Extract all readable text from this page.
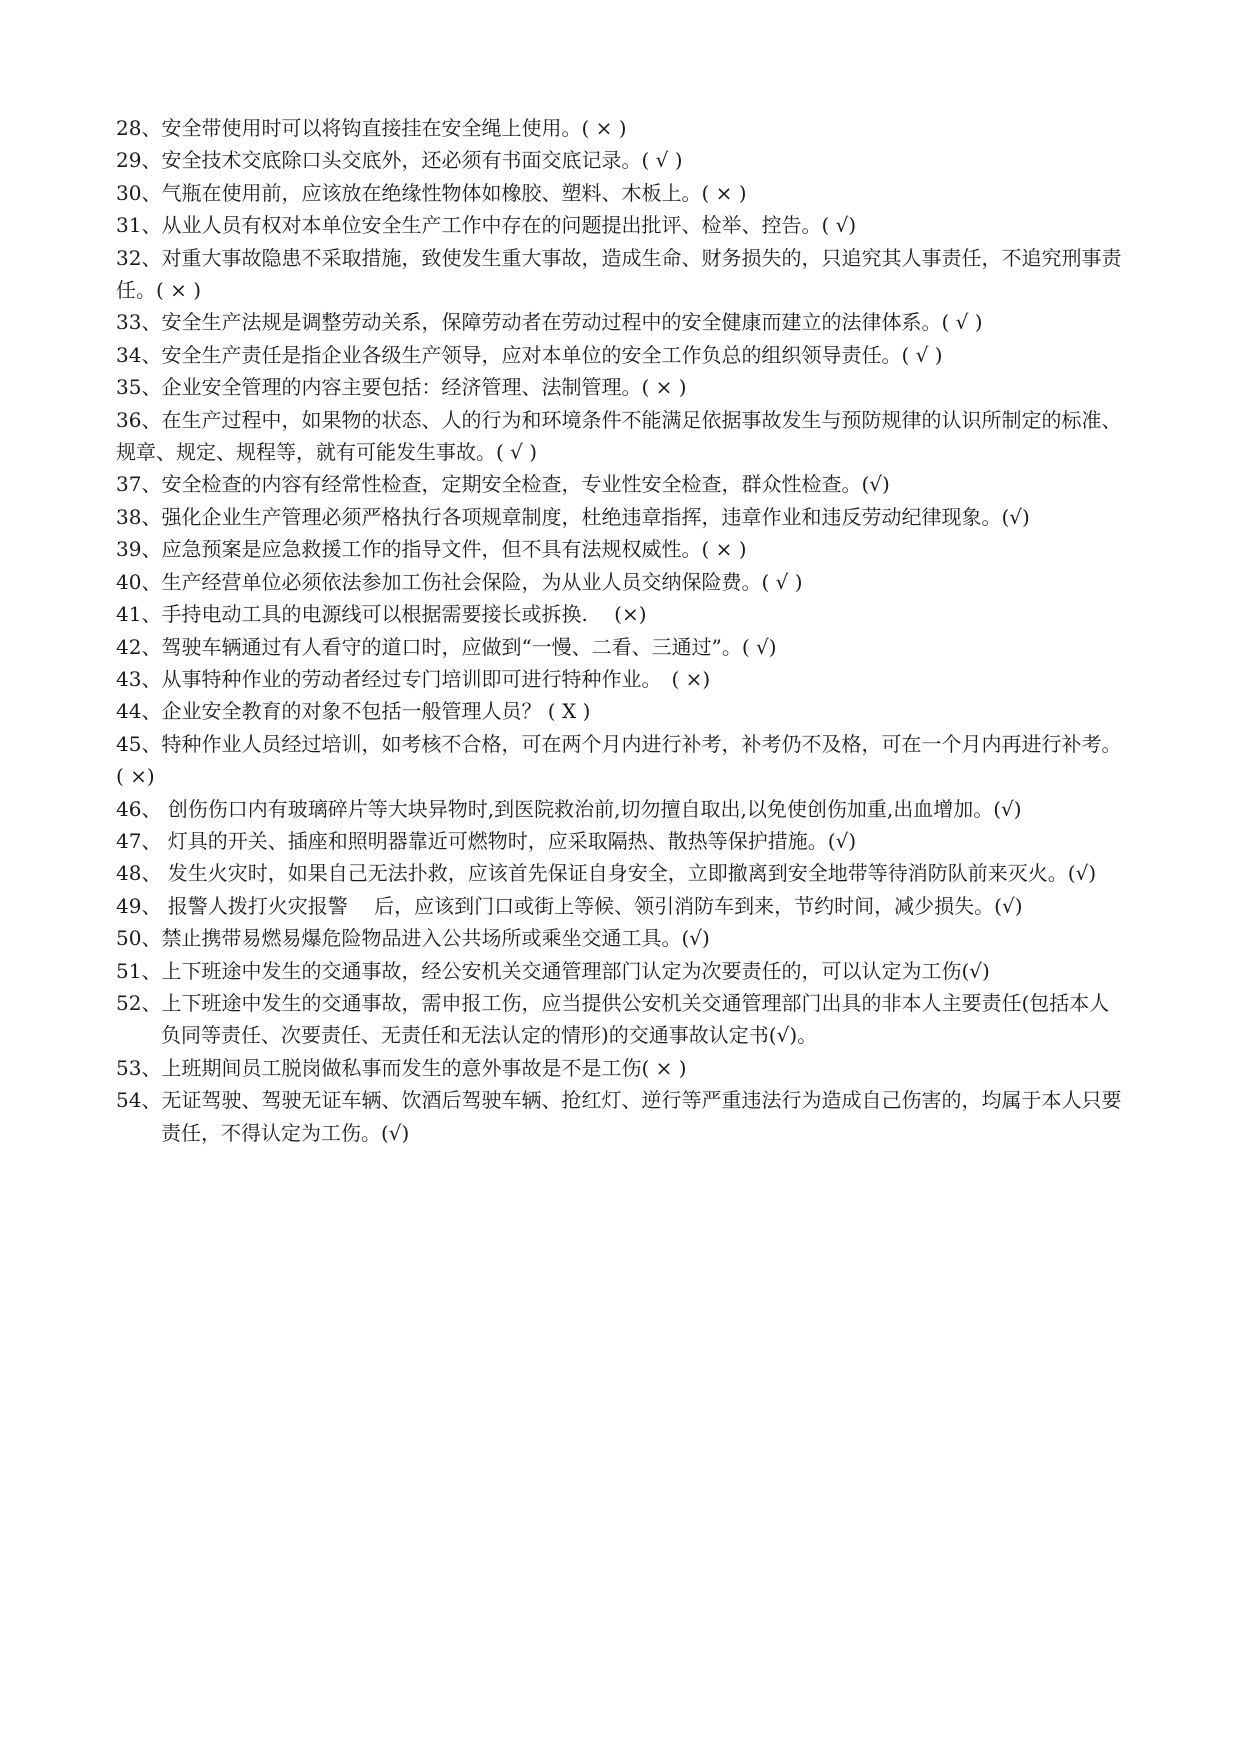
28、安全带使用时可以将钩直接挂在安全绳上使用。( × )

29、安全技术交底除口头交底外，还必须有书面交底记录。( √ )

30、气瓶在使用前，应该放在绝缘性物体如橡胶、塑料、木板上。( × )

31、从业人员有权对本单位安全生产工作中存在的问题提出批评、检举、控告。( √)

32、对重大事故隐患不采取措施，致使发生重大事故，造成生命、财务损失的，只追究其人事责任，不追究刑事责任。( × )

33、安全生产法规是调整劳动关系，保障劳动者在劳动过程中的安全健康而建立的法律体系。( √ )

34、安全生产责任是指企业各级生产领导，应对本单位的安全工作负总的组织领导责任。( √ )

35、企业安全管理的内容主要包括：经济管理、法制管理。( × )

36、在生产过程中，如果物的状态、人的行为和环境条件不能满足依据事故发生与预防规律的认识所制定的标准、规章、规定、规程等，就有可能发生事故。( √ )

37、安全检查的内容有经常性检查，定期安全检查，专业性安全检查，群众性检查。(√)

38、强化企业生产管理必须严格执行各项规章制度，杜绝违章指挥，违章作业和违反劳动纪律现象。(√)

39、应急预案是应急救援工作的指导文件，但不具有法规权威性。( × )

40、生产经营单位必须依法参加工伤社会保险，为从业人员交纳保险费。( √ )

41、手持电动工具的电源线可以根据需要接长或拆换.　 (×)

42、驾驶车辆通过有人看守的道口时，应做到“一慢、二看、三通过”。( √)

43、从事特种作业的劳动者经过专门培训即可进行特种作业。　( ×)

44、企业安全教育的对象不包括一般管理人员？ ( X )

45、特种作业人员经过培训，如考核不合格，可在两个月内进行补考，补考仍不及格，可在一个月内再进行补考。( ×)

46、 创伤伤口内有玻璃碎片等大块异物时,到医院救治前,切勿擅自取出,以免使创伤加重,出血增加。(√)

47、 灯具的开关、插座和照明器靠近可燃物时，应采取隔热、散热等保护措施。(√)

48、 发生火灾时，如果自己无法扑救，应该首先保证自身安全，立即撤离到安全地带等待消防队前来灭火。(√)

49、 报警人拨打火灾报警　 后，应该到门口或街上等候、领引消防车到来，节约时间，减少损失。(√)

50、禁止携带易燃易爆危险物品进入公共场所或乘坐交通工具。(√)

51、上下班途中发生的交通事故，经公安机关交通管理部门认定为次要责任的，可以认定为工伤(√)

52、上下班途中发生的交通事故，需申报工伤，应当提供公安机关交通管理部门出具的非本人主要责任(包括本人负同等责任、次要责任、无责任和无法认定的情形)的交通事故认定书(√)。

53、上班期间员工脱岗做私事而发生的意外事故是不是工伤( × )

54、无证驾驶、驾驶无证车辆、饮酒后驾驶车辆、抢红灯、逆行等严重违法行为造成自己伤害的，均属于本人只要责任，不得认定为工伤。(√)
